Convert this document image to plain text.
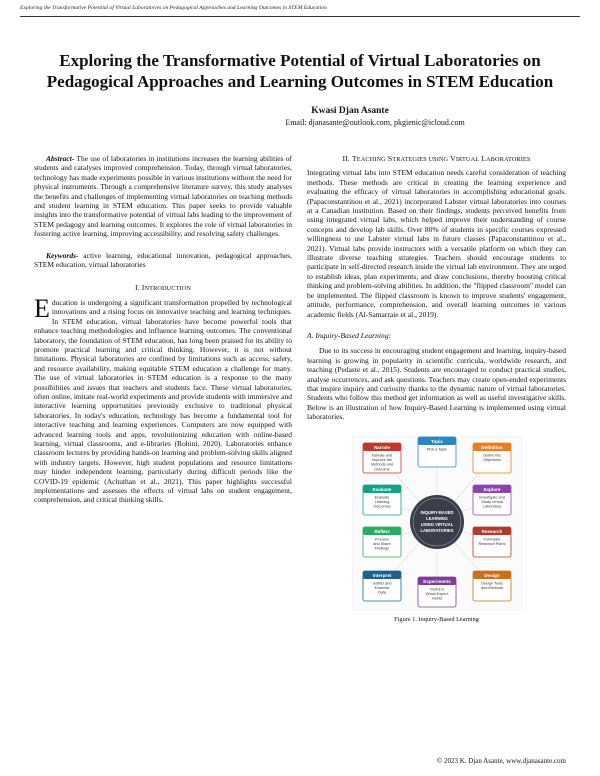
Exploring the Transformative Potential of Virtual Laboratories on Pedagogical Approaches and Learning Outcomes in STEM Education
Exploring the Transformative Potential of Virtual Laboratories on
Pedagogical Approaches and Learning Outcomes in STEM Education
Kwasi Djan Asante
Email: djanasante@outlook.com, pkgienic@icloud.com

Abstract- The use of laboratories in institutions increases the learning abilities of students and catalyses improved comprehension. Today, through virtual laboratories, technology has made experiments possible in various institutions without the need for physical instruments. Through a comprehensive literature survey, this study analyses the benefits and challenges of implementing virtual laboratories on teaching methods and student learning in STEM education. This paper seeks to provide valuable insights into the transformative potential of virtual labs leading to the improvement of STEM pedagogy and learning outcomes. It explores the role of virtual laboratories in fostering active learning, improving accessibility, and resolving safety challenges.

Keywords- active learning, educational innovation, pedagogical approaches, STEM education, virtual laboratories

I. INTRODUCTION

Education is undergoing a significant transformation propelled by technological innovations and a rising focus on innovative teaching and learning techniques. In STEM education, virtual laboratories have become powerful tools that enhance teaching methodologies and influence learning outcomes. The conventional laboratory, the foundation of STEM education, has long been praised for its ability to promote practical learning and critical thinking. However, it is not without limitations. Physical laboratories are confined by limitations such as access, safety, and resource availability, making equitable STEM education a challenge for many. The use of virtual laboratories in STEM education is a response to the many possibilities and issues that teachers and students face. These virtual laboratories, often online, imitate real-world experiments and provide students with immersive and interactive learning opportunities previously exclusive to traditional physical laboratories. In today's education, technology has become a fundamental tool for interactive teaching and learning experiences. Computers are now equipped with advanced learning tools and apps, revolutionizing education with online-based learning, virtual classrooms, and e-libraries (Rohini, 2020). Laboratories enhance classroom lectures by providing hands-on learning and problem-solving skills aligned with industry targets. However, high student populations and resource limitations may hinder independent learning, particularly during difficult periods like the COVID-19 epidemic (Achuthan et al., 2021). This paper highlights successful implementations and assesses the effects of virtual labs on student engagement, comprehension, and critical thinking skills.

II. TEACHING STRATEGIES USING VIRTUAL LABORATORIES

Integrating virtual labs into STEM education needs careful consideration of teaching methods. These methods are critical in creating the learning experience and evaluating the efficacy of virtual laboratories in accomplishing educational goals. (Papaconstantinou et al., 2021) incorporated Labster virtual laboratories into courses at a Canadian institution. Based on their findings, students perceived benefits from using integrated virtual labs, which helped improve their understanding of course concepts and develop lab skills. Over 80% of students in specific courses expressed willingness to use Labster virtual labs in future classes (Papaconstantinou et al., 2021). Virtual labs provide instructors with a versatile platform on which they can illustrate diverse teaching strategies. Teachers should encourage students to participate in self-directed research inside the virtual lab environment. They are urged to establish ideas, plan experiments, and draw conclusions, thereby boosting critical thinking and problem-solving abilities. In addition, the "flipped classroom" model can be implemented. The flipped classroom is known to improve students' engagement, attitude, performance, comprehension, and overall learning outcomes in various academic fields (Al-Samarraie et al., 2019).

A. Inquiry-Based Learning:

Due to its success in encouraging student engagement and learning, inquiry-based learning is growing in popularity in scientific curricula, worldwide research, and teaching (Pedaste et al., 2015). Students are encouraged to conduct practical studies, analyse occurrences, and ask questions. Teachers may create open-ended experiments that inspire inquiry and curiosity thanks to the dynamic nature of virtual laboratories. Students who follow this method get information as well as useful investigative skills. Below is an illustration of how Inquiry-Based Learning is implemented using virtual laboratories.

INQUIRY-BASED
LEARNING
USING VIRTUAL
LABORATORIES
Narrate
Narrate and
Improve the
Methods and
Outcome
Topic
Pick a Topic	Definition
Define the
Objectives
Evaluate
Evaluate
Learning
Outcomes
Explore
Investigate and
Study Virtual
Laboratory
Reflect
Process
and Share
Findings
Research
Formulate
Research Plans
Interpret
Gather and
Examine
Data
Experiments
Perform
Virtual Experi-
ments
Design
Design Tools
and Methods
Figure 1. Inquiry-Based Learning
© 2023 K. Djan Asante, www.djanasante.com
